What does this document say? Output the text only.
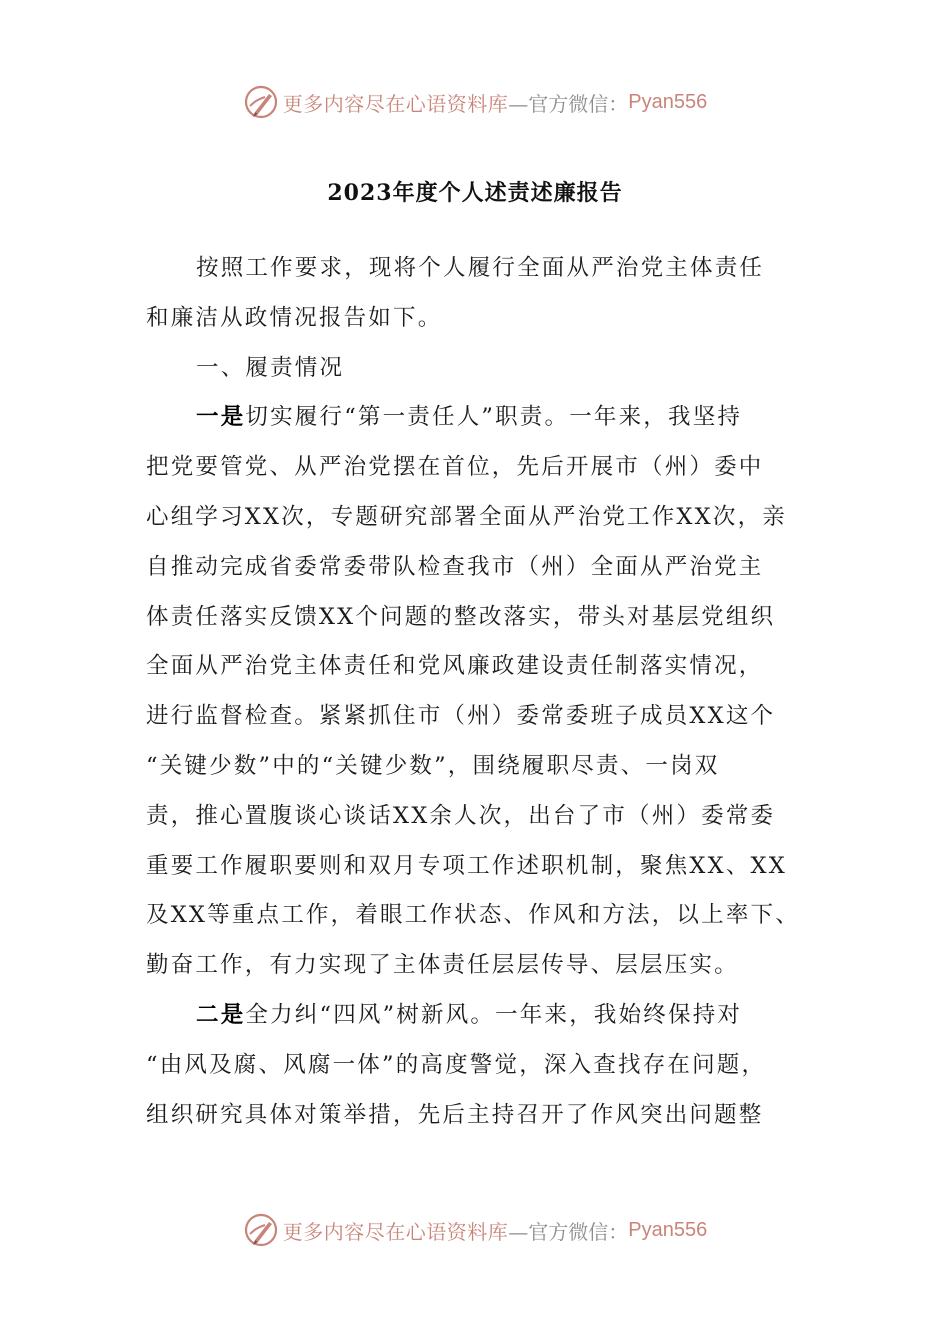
更多内容尽在心语资料库 —官方微信： Pyan556
2023年度个人述责述廉报告
按照工作要求，现将个人履行全面从严治党主体责任
和廉洁从政情况报告如下。
一、履责情况
一是切实履行“第一责任人”职责。一年来，我坚持
把党要管党、从严治党摆在首位，先后开展市（州）委中
心组学习XX次，专题研究部署全面从严治党工作XX次，亲
自推动完成省委常委带队检查我市（州）全面从严治党主
体责任落实反馈XX个问题的整改落实，带头对基层党组织
全面从严治党主体责任和党风廉政建设责任制落实情况，
进行监督检查。紧紧抓住市（州）委常委班子成员XX这个
“关键少数”中的“关键少数”，围绕履职尽责、一岗双
责，推心置腹谈心谈话XX余人次，出台了市（州）委常委
重要工作履职要则和双月专项工作述职机制，聚焦XX、XX
及XX等重点工作，着眼工作状态、作风和方法，以上率下、
勤奋工作，有力实现了主体责任层层传导、层层压实。
二是全力纠“四风”树新风。一年来，我始终保持对
“由风及腐、风腐一体”的高度警觉，深入查找存在问题，
组织研究具体对策举措，先后主持召开了作风突出问题整
更多内容尽在心语资料库 —官方微信： Pyan556
